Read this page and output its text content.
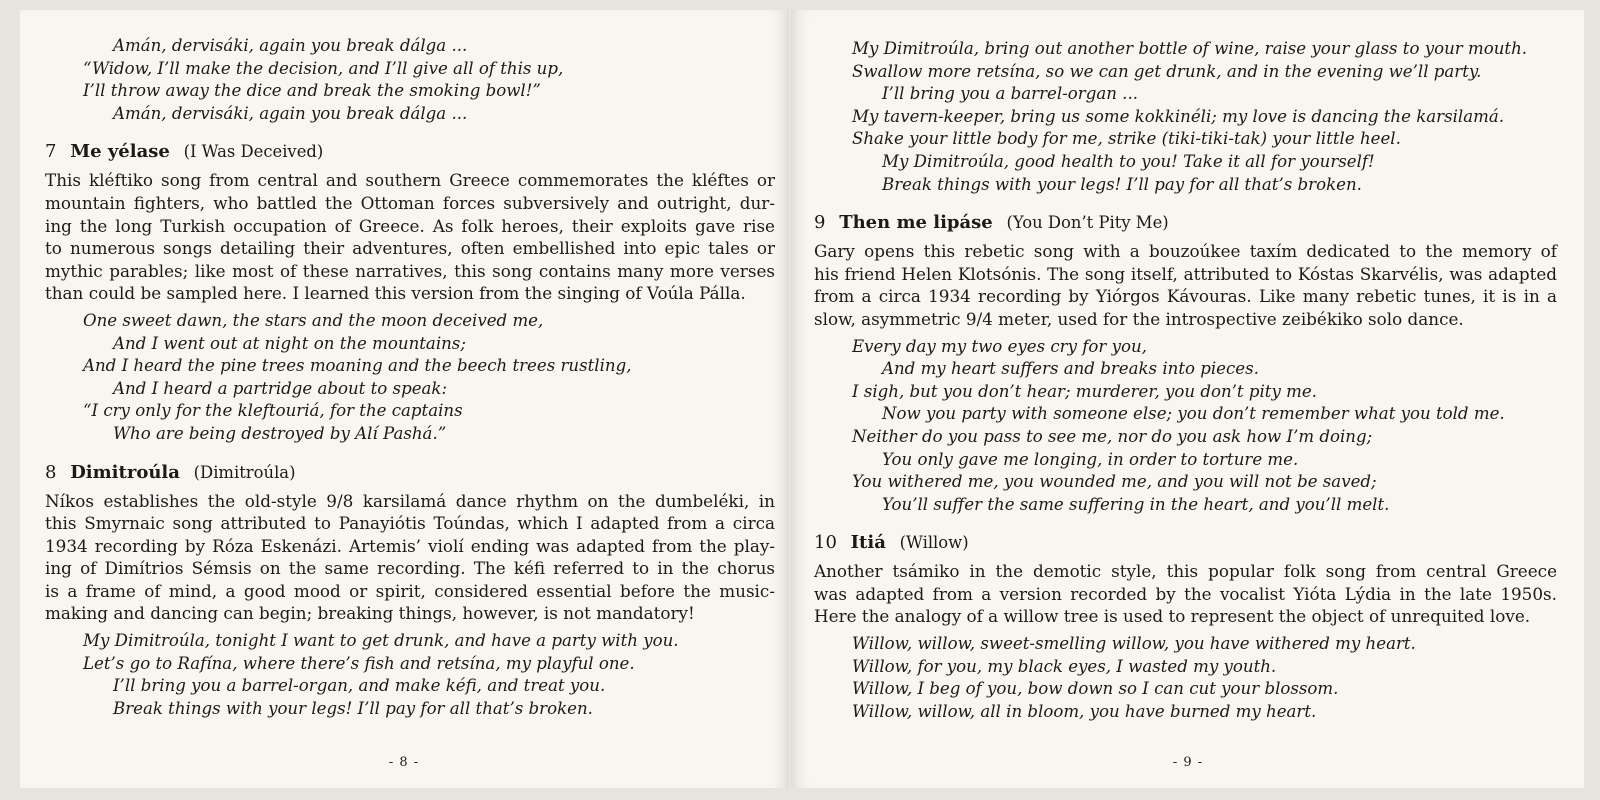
Amán, dervisáki, again you break dálga ...
“Widow, I’ll make the decision, and I’ll give all of this up,
I’ll throw away the dice and break the smoking bowl!”
Amán, dervisáki, again you break dálga ...
7 Me yélase (I Was Deceived)
This kléftiko song from central and southern Greece commemorates the kléftes or
mountain fighters, who battled the Ottoman forces subversively and outright, dur-
ing the long Turkish occupation of Greece. As folk heroes, their exploits gave rise
to numerous songs detailing their adventures, often embellished into epic tales or
mythic parables; like most of these narratives, this song contains many more verses
than could be sampled here. I learned this version from the singing of Voúla Pálla.
One sweet dawn, the stars and the moon deceived me,
And I went out at night on the mountains;
And I heard the pine trees moaning and the beech trees rustling,
And I heard a partridge about to speak:
“I cry only for the kleftouriá, for the captains
Who are being destroyed by Alí Pashá.”
8 Dimitroúla (Dimitroúla)
Níkos establishes the old-style 9/8 karsilamá dance rhythm on the dumbeléki, in
this Smyrnaic song attributed to Panayiótis Toúndas, which I adapted from a circa
1934 recording by Róza Eskenázi. Artemis’ violí ending was adapted from the play-
ing of Dimítrios Sémsis on the same recording. The kéfi referred to in the chorus
is a frame of mind, a good mood or spirit, considered essential before the music-
making and dancing can begin; breaking things, however, is not mandatory!
My Dimitroúla, tonight I want to get drunk, and have a party with you.
Let’s go to Rafína, where there’s fish and retsína, my playful one.
I’ll bring you a barrel-organ, and make kéfi, and treat you.
Break things with your legs! I’ll pay for all that’s broken.
- 8 -
My Dimitroúla, bring out another bottle of wine, raise your glass to your mouth.
Swallow more retsína, so we can get drunk, and in the evening we’ll party.
I’ll bring you a barrel-organ ...
My tavern-keeper, bring us some kokkinéli; my love is dancing the karsilamá.
Shake your little body for me, strike (tiki-tiki-tak) your little heel.
My Dimitroúla, good health to you! Take it all for yourself!
Break things with your legs! I’ll pay for all that’s broken.
9 Then me lipáse (You Don’t Pity Me)
Gary opens this rebetic song with a bouzoúkee taxím dedicated to the memory of
his friend Helen Klotsónis. The song itself, attributed to Kóstas Skarvélis, was adapted
from a circa 1934 recording by Yiórgos Kávouras. Like many rebetic tunes, it is in a
slow, asymmetric 9/4 meter, used for the introspective zeibékiko solo dance.
Every day my two eyes cry for you,
And my heart suffers and breaks into pieces.
I sigh, but you don’t hear; murderer, you don’t pity me.
Now you party with someone else; you don’t remember what you told me.
Neither do you pass to see me, nor do you ask how I’m doing;
You only gave me longing, in order to torture me.
You withered me, you wounded me, and you will not be saved;
You’ll suffer the same suffering in the heart, and you’ll melt.
10 Itiá (Willow)
Another tsámiko in the demotic style, this popular folk song from central Greece
was adapted from a version recorded by the vocalist Yióta Lýdia in the late 1950s.
Here the analogy of a willow tree is used to represent the object of unrequited love.
Willow, willow, sweet-smelling willow, you have withered my heart.
Willow, for you, my black eyes, I wasted my youth.
Willow, I beg of you, bow down so I can cut your blossom.
Willow, willow, all in bloom, you have burned my heart.
- 9 -
